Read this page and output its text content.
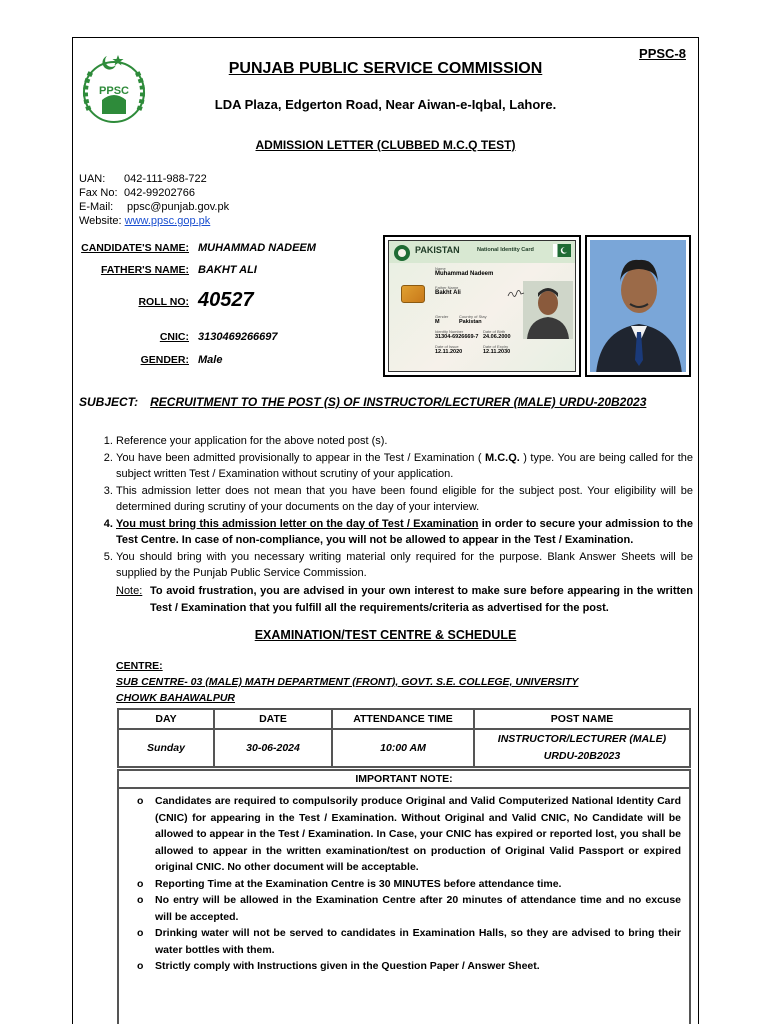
PPSC
PPSC-8
PUNJAB PUBLIC SERVICE COMMISSION
LDA Plaza, Edgerton Road, Near Aiwan-e-Iqbal, Lahore.
ADMISSION LETTER (CLUBBED M.C.Q TEST)
UAN: 042-111-988-722
Fax No: 042-99202766
E-Mail: ppsc@punjab.gov.pk
Website: www.ppsc.gop.pk
CANDIDATE'S NAME: MUHAMMAD NADEEM
FATHER'S NAME: BAKHT ALI
ROLL NO: 40527
CNIC: 3130469266697
GENDER: Male
PAKISTAN	National Identity Card
Name
Muhammad Nadeem
Father Name
Bakht Ali
Gender
M
Country of Stay
Pakistan
Identity Number
31304-6926669-7
Date of Birth
24.06.2000
Date of Issue
12.11.2020
Date of Expiry
12.11.2030
SUBJECT: RECRUITMENT TO THE POST (S) OF INSTRUCTOR/LECTURER (MALE) URDU-20B2023
1. Reference your application for the above noted post (s).
2. You have been admitted provisionally to appear in the Test / Examination ( M.C.Q. ) type. You are being called for the subject written Test / Examination without scrutiny of your application.
3. This admission letter does not mean that you have been found eligible for the subject post. Your eligibility will be determined during scrutiny of your documents on the day of your interview.
4. You must bring this admission letter on the day of Test / Examination in order to secure your admission to the Test Centre. In case of non-compliance, you will not be allowed to appear in the Test / Examination.
5. You should bring with you necessary writing material only required for the purpose. Blank Answer Sheets will be supplied by the Punjab Public Service Commission.
Note: To avoid frustration, you are advised in your own interest to make sure before appearing in the written Test / Examination that you fulfill all the requirements/criteria as advertised for the post.
EXAMINATION/TEST CENTRE & SCHEDULE
CENTRE:
SUB CENTRE- 03 (MALE) MATH DEPARTMENT (FRONT), GOVT. S.E. COLLEGE, UNIVERSITY CHOWK BAHAWALPUR
DAY	DATE	ATTENDANCE TIME	POST NAME
Sunday	30-06-2024	10:00 AM	INSTRUCTOR/LECTURER (MALE) URDU-20B2023
IMPORTANT NOTE:
o Candidates are required to compulsorily produce Original and Valid Computerized National Identity Card (CNIC) for appearing in the Test / Examination. Without Original and Valid CNIC, No Candidate will be allowed to appear in the Test / Examination. In Case, your CNIC has expired or reported lost, you shall be allowed to appear in the written examination/test on production of Original Valid Passport or expired original CNIC. No other document will be acceptable.
o Reporting Time at the Examination Centre is 30 MINUTES before attendance time.
o No entry will be allowed in the Examination Centre after 20 minutes of attendance time and no excuse will be accepted.
o Drinking water will not be served to candidates in Examination Halls, so they are advised to bring their water bottles with them.
o Strictly comply with Instructions given in the Question Paper / Answer Sheet.
